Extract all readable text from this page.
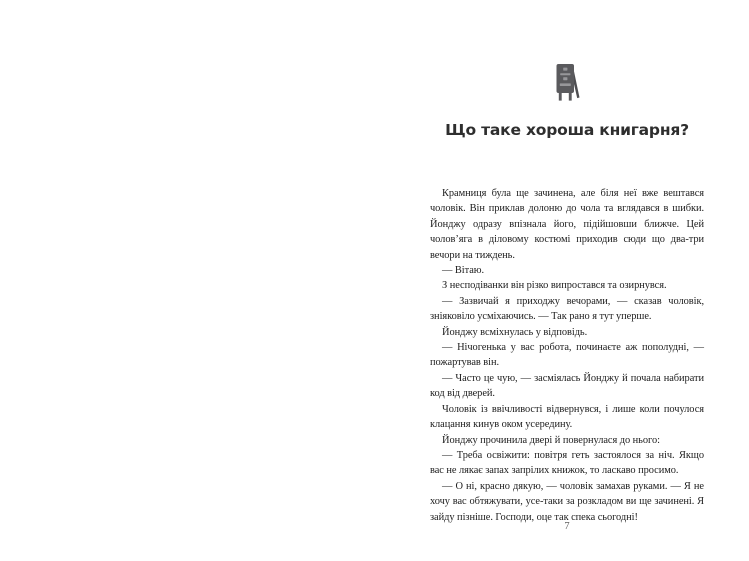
Що таке хороша книгарня?

Крамниця була ще зачинена, але біля неї вже вештався чоловік. Він приклав долоню до чола та вглядався в шибки. Йонджу одразу впізнала його, підійшовши ближче. Цей чолов’яга в діловому костюмі приходив сюди що два-три вечори на тиждень.

— Вітаю.

З несподіванки він різко випростався та озирнувся.

— Зазвичай я приходжу вечорами, — сказав чоловік, зніяковіло усміхаючись. — Так рано я тут уперше.

Йонджу всміхнулась у відповідь.

— Нічогенька у вас робота, починаєте аж пополудні, — пожартував він.

— Часто це чую, — засміялась Йонджу й почала набирати код від дверей.

Чоловік із ввічливості відвернувся, і лише коли почулося клацання кинув оком усередину.

Йонджу прочинила двері й повернулася до нього:

— Треба освіжити: повітря геть застоялося за ніч. Якщо вас не лякає запах запрілих книжок, то ласкаво просимо.

— О ні, красно дякую, — чоловік замахав руками. — Я не хочу вас обтяжувати, усе-таки за розкладом ви ще зачинені. Я зайду пізніше. Господи, оце так спека сьогодні!

7
